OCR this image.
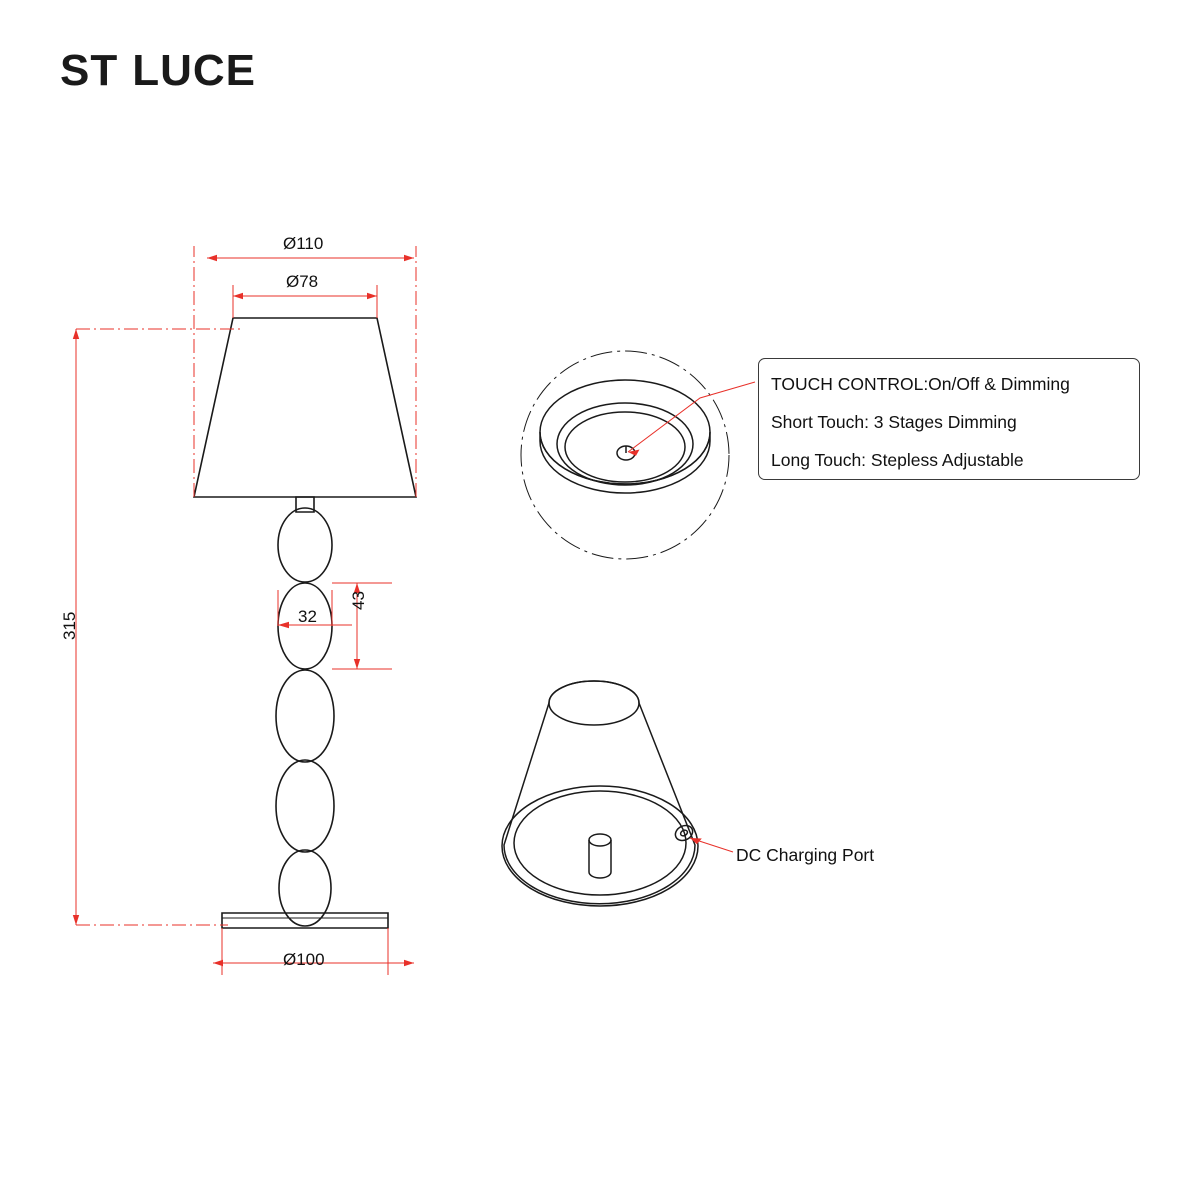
ST LUCE
TOUCH CONTROL:On/Off & Dimming
Short Touch: 3 Stages Dimming
Long Touch: Stepless Adjustable
DC Charging Port
Ø110
Ø78
Ø100
32
43
315
